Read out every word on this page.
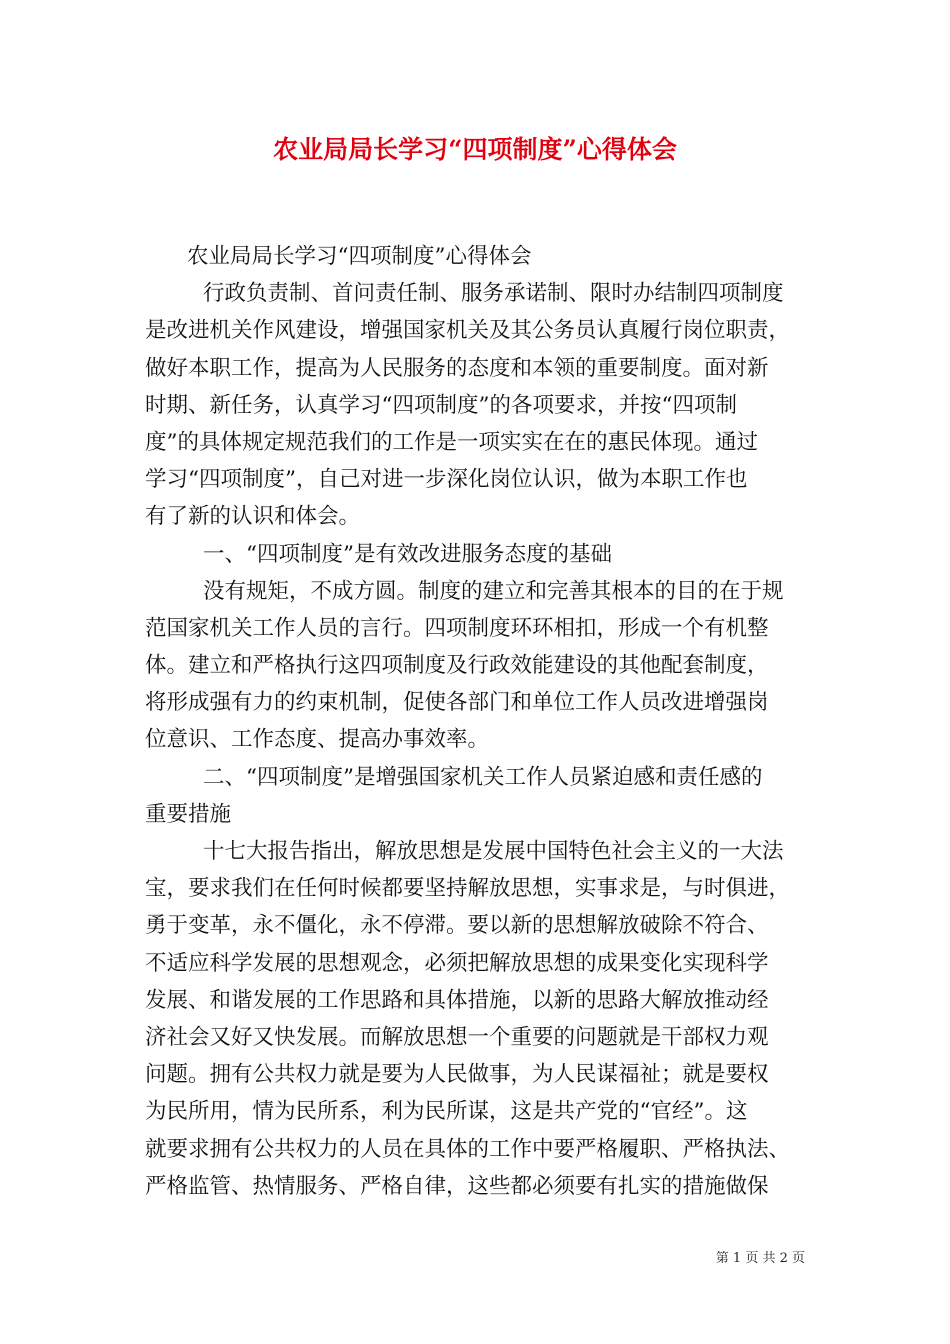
农业局局长学习“四项制度”心得体会
农业局局长学习“四项制度”心得体会
行政负责制、首问责任制、服务承诺制、限时办结制四项制度
是改进机关作风建设，增强国家机关及其公务员认真履行岗位职责，
做好本职工作，提高为人民服务的态度和本领的重要制度。面对新
时期、新任务，认真学习“四项制度”的各项要求，并按“四项制
度”的具体规定规范我们的工作是一项实实在在的惠民体现。通过
学习“四项制度”，自己对进一步深化岗位认识，做为本职工作也
有了新的认识和体会。
一、“四项制度”是有效改进服务态度的基础
没有规矩，不成方圆。制度的建立和完善其根本的目的在于规
范国家机关工作人员的言行。四项制度环环相扣，形成一个有机整
体。建立和严格执行这四项制度及行政效能建设的其他配套制度，
将形成强有力的约束机制，促使各部门和单位工作人员改进增强岗
位意识、工作态度、提高办事效率。
二、“四项制度”是增强国家机关工作人员紧迫感和责任感的
重要措施
十七大报告指出，解放思想是发展中国特色社会主义的一大法
宝，要求我们在任何时候都要坚持解放思想，实事求是，与时俱进，
勇于变革，永不僵化，永不停滞。要以新的思想解放破除不符合、
不适应科学发展的思想观念，必须把解放思想的成果变化实现科学
发展、和谐发展的工作思路和具体措施，以新的思路大解放推动经
济社会又好又快发展。而解放思想一个重要的问题就是干部权力观
问题。拥有公共权力就是要为人民做事，为人民谋福祉；就是要权
为民所用，情为民所系，利为民所谋，这是共产党的“官经”。这
就要求拥有公共权力的人员在具体的工作中要严格履职、严格执法、
严格监管、热情服务、严格自律，这些都必须要有扎实的措施做保
第 1 页 共 2 页
